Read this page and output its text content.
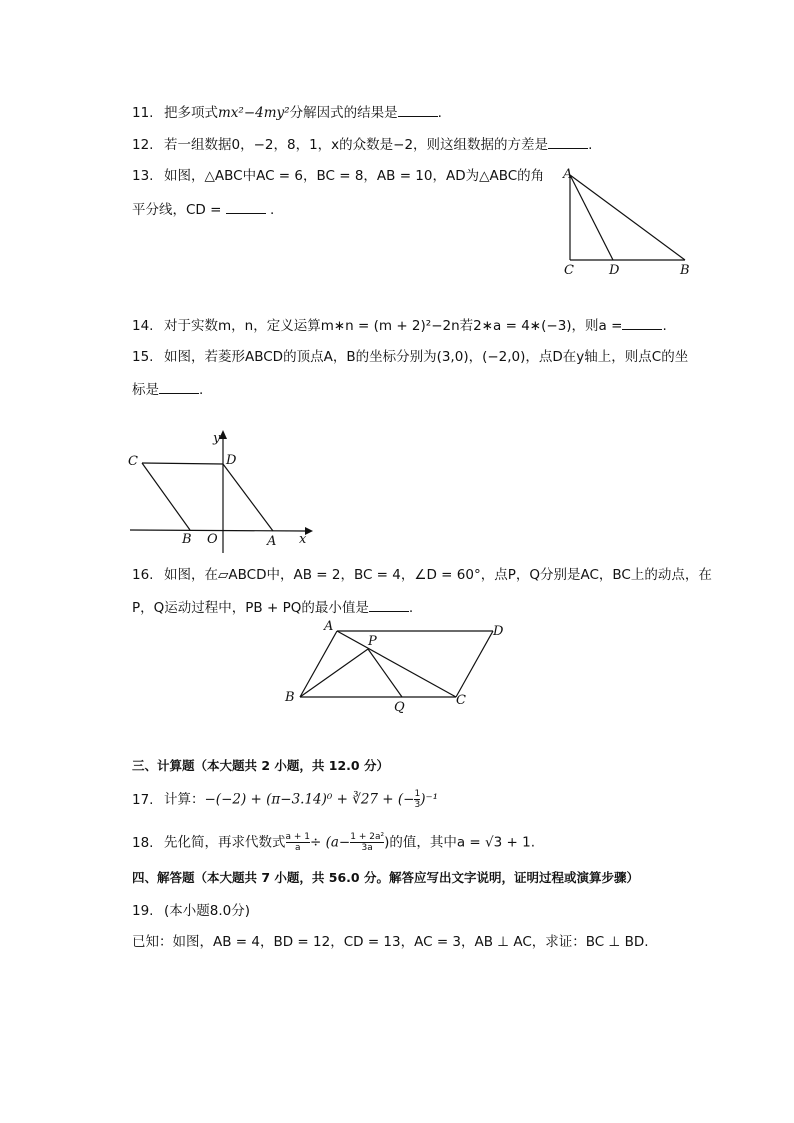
11. 把多项式mx²−4my²分解因式的结果是	.
12. 若一组数据0，−2，8，1，x的众数是−2，则这组数据的方差是	.
13. 如图，△ABC中AC = 6，BC = 8，AB = 10，AD为△ABC的角
平分线，CD =	.
A
C	D	B
14. 对于实数m，n，定义运算m∗n = (m + 2)²−2n若2∗a = 4∗(−3)，则a =	.
15. 如图，若菱形ABCD的顶点A，B的坐标分别为(3,0)，(−2,0)，点D在y轴上，则点C的坐
标是	.
C	D
B O	A x
y
16. 如图，在▱ABCD中，AB = 2，BC = 4，∠D = 60°，点P，Q分别是AC，BC上的动点，在
P，Q运动过程中，PB + PQ的最小值是	.
A	D
B	C
P
Q
三、计算题（本大题共 2 小题，共 12.0 分）
17. 计算：−(−2) + (π−3.14)⁰ + ∛27 + (− $\frac{1}{3} )^{-1}$
18. 先化简，再求代数式 $\frac{a + 1}{a} \div (a- \frac{\text{1 + 2a²}}{3a}$ )的值，其中a = √3 + 1.
四、解答题（本大题共 7 小题，共 56.0 分。解答应写出文字说明，证明过程或演算步骤）
19. (本小题8.0分)
已知：如图，AB = 4，BD = 12，CD = 13，AC = 3，AB ⊥ AC，求证：BC ⊥ BD.
